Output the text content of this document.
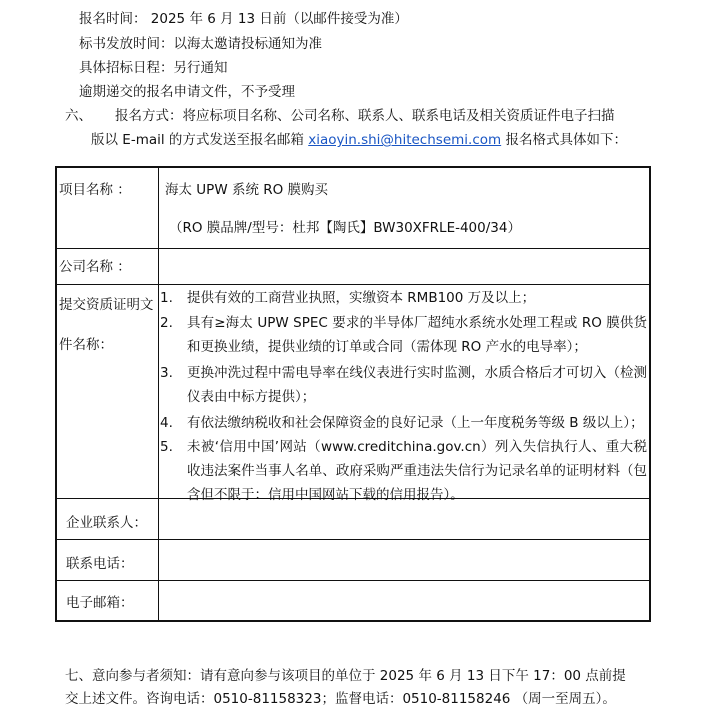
报名时间： 2025 年 6 月 13 日前（以邮件接受为准）
标书发放时间：以海太邀请投标通知为准
具体招标日程：另行通知
逾期递交的报名申请文件，不予受理
六、 报名方式：将应标项目名称、公司名称、联系人、联系电话及相关资质证件电子扫描
版以 E-mail 的方式发送至报名邮箱 xiaoyin.shi@hitechsemi.com 报名格式具体如下：
项目名称 ：	海太 UPW 系统 RO 膜购买
（RO 膜品牌/型号：杜邦【陶氏】BW30XFRLE-400/34）
公司名称 ：
提交资质证明文
件名称：
1.	提供有效的工商营业执照，实缴资本 RMB100 万及以上；
2.	具有≥海太 UPW SPEC 要求的半导体厂超纯水系统水处理工程或 RO 膜供货和更换业绩，提供业绩的订单或合同（需体现 RO 产水的电导率）；
3.	更换冲洗过程中需电导率在线仪表进行实时监测，水质合格后才可切入（检测仪表由中标方提供）；
4.	有依法缴纳税收和社会保障资金的良好记录（上一年度税务等级 B 级以上）；
5.	未被‘信用中国’网站（www.creditchina.gov.cn）列入失信执行人、重大税收违法案件当事人名单、政府采购严重违法失信行为记录名单的证明材料（包含但不限于：信用中国网站下载的信用报告）。
企业联系人：
联系电话：
电子邮箱：
七、意向参与者须知：请有意向参与该项目的单位于 2025 年 6 月 13 日下午 17：00 点前提
交上述文件。咨询电话：0510-81158323；监督电话：0510-81158246 （周一至周五）。
